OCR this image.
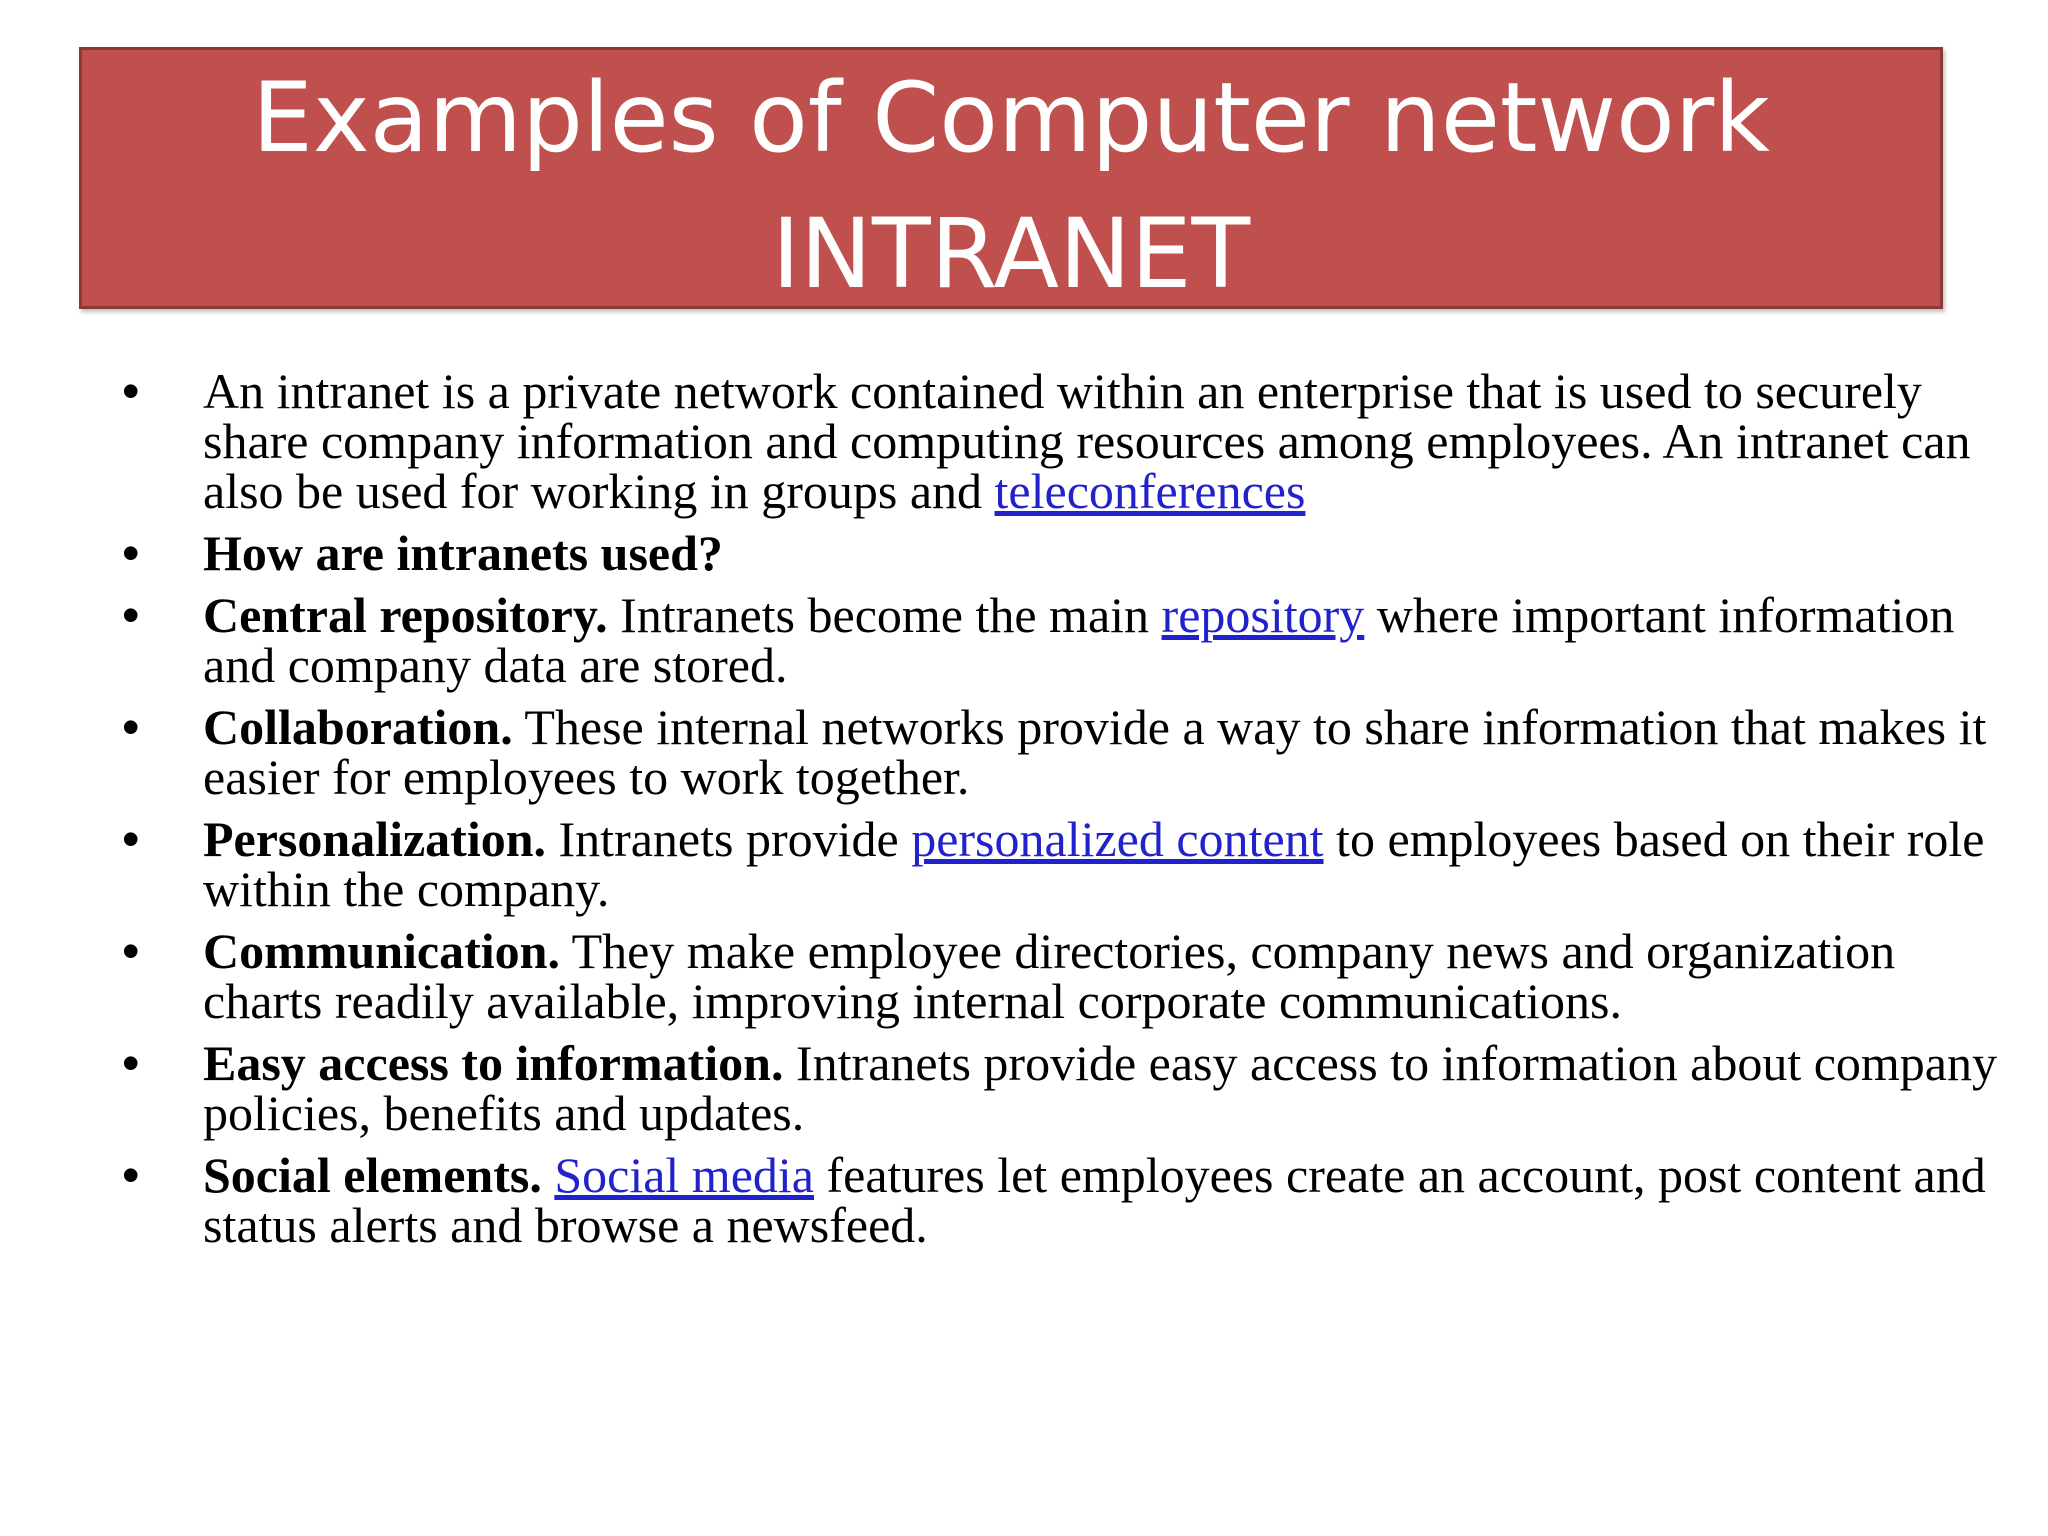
Examples of Computer network
INTRANET
• An intranet is a private network contained within an enterprise that is used to securely share company information and computing resources among employees. An intranet can also be used for working in groups and teleconferences
• How are intranets used?
• Central repository. Intranets become the main repository where important information and company data are stored.
• Collaboration. These internal networks provide a way to share information that makes it easier for employees to work together.
• Personalization. Intranets provide personalized content to employees based on their role within the company.
• Communication. They make employee directories, company news and organization charts readily available, improving internal corporate communications.
• Easy access to information. Intranets provide easy access to information about company policies, benefits and updates.
• Social elements. Social media features let employees create an account, post content and status alerts and browse a newsfeed.
